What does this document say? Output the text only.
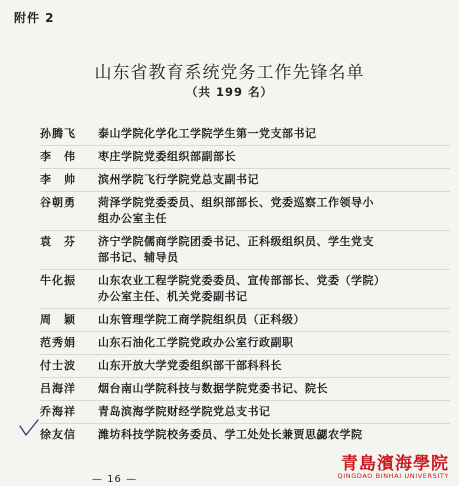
附件 2
山东省教育系统党务工作先锋名单
（共 199 名）
孙腾飞	泰山学院化学化工学院学生第一党支部书记
李　伟	枣庄学院党委组织部副部长
李　帅	滨州学院飞行学院党总支副书记
谷朝勇	菏泽学院党委委员、组织部部长、党委巡察工作领导小
组办公室主任
袁　芬	济宁学院儒商学院团委书记、正科级组织员、学生党支
部书记、辅导员
牛化振	山东农业工程学院党委委员、宣传部部长、党委（学院）
办公室主任、机关党委副书记
周　颖	山东管理学院工商学院组织员（正科级）
范秀娟	山东石油化工学院党政办公室行政副职
付士波	山东开放大学党委组织部干部科科长
吕海洋	烟台南山学院科技与数据学院党委书记、院长
乔海祥	青岛滨海学院财经学院党总支书记
徐友信	潍坊科技学院校务委员、学工处处长兼贾思勰农学院
— 16 —
青島濱海學院
QINGDAO BINHAI UNIVERSITY
